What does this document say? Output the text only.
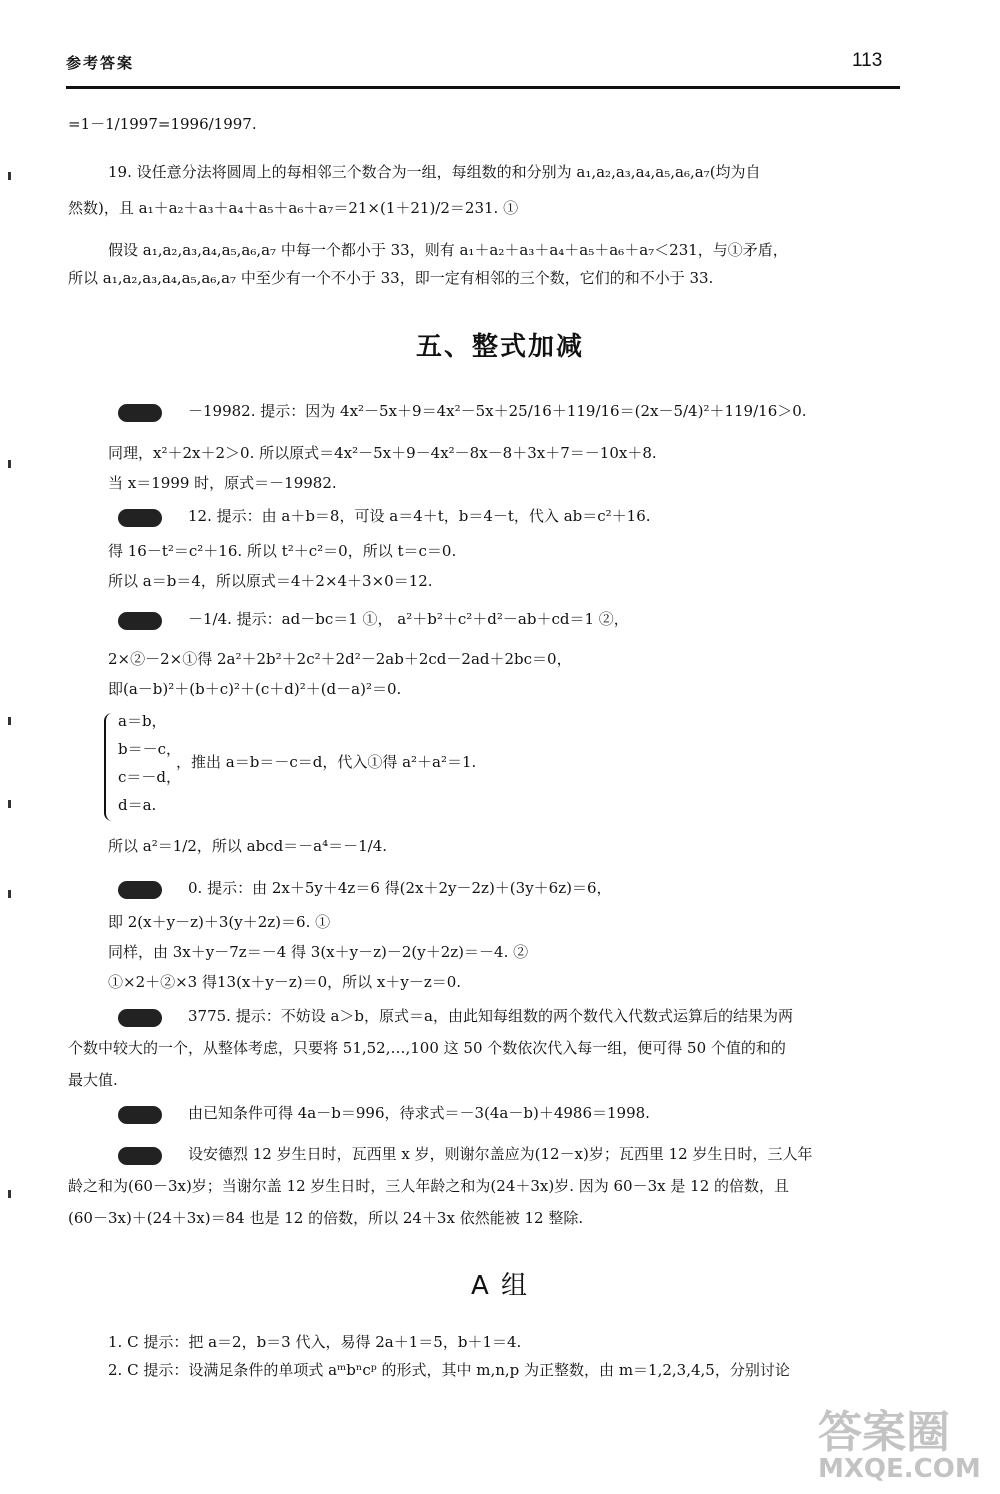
参考答案	113
=1－1/1997=1996/1997.
19. 设任意分法将圆周上的每相邻三个数合为一组，每组数的和分别为 a₁,a₂,a₃,a₄,a₅,a₆,a₇(均为自
然数)，且 a₁＋a₂＋a₃＋a₄＋a₅＋a₆＋a₇＝21×(1＋21)/2＝231. ①
假设 a₁,a₂,a₃,a₄,a₅,a₆,a₇ 中每一个都小于 33，则有 a₁＋a₂＋a₃＋a₄＋a₅＋a₆＋a₇＜231，与①矛盾，
所以 a₁,a₂,a₃,a₄,a₅,a₆,a₇ 中至少有一个不小于 33，即一定有相邻的三个数，它们的和不小于 33.
五、整式加减
－19982. 提示：因为 4x²－5x＋9＝4x²－5x＋25/16＋119/16＝(2x－5/4)²＋119/16＞0.
同理，x²＋2x＋2＞0. 所以原式＝4x²－5x＋9－4x²－8x－8＋3x＋7＝－10x＋8.
当 x＝1999 时，原式＝－19982.
12. 提示：由 a＋b＝8，可设 a＝4＋t，b＝4－t，代入 ab＝c²＋16.
得 16－t²＝c²＋16. 所以 t²＋c²＝0，所以 t＝c＝0.
所以 a＝b＝4，所以原式＝4＋2×4＋3×0＝12.
－1/4. 提示：ad－bc＝1 ①， a²＋b²＋c²＋d²－ab＋cd＝1 ②，
2×②－2×①得 2a²＋2b²＋2c²＋2d²－2ab＋2cd－2ad＋2bc＝0，
即(a－b)²＋(b＋c)²＋(c＋d)²＋(d－a)²＝0.
a＝b，
b＝－c，
，推出 a＝b＝－c＝d，代入①得 a²＋a²＝1.
c＝－d，
d＝a.
所以 a²＝1/2，所以 abcd＝－a⁴＝－1/4.
0. 提示：由 2x＋5y＋4z＝6 得(2x＋2y－2z)＋(3y＋6z)＝6，
即 2(x＋y－z)＋3(y＋2z)＝6. ①
同样，由 3x＋y－7z＝－4 得 3(x＋y－z)－2(y＋2z)＝－4. ②
①×2＋②×3 得13(x＋y－z)＝0，所以 x＋y－z＝0.
3775. 提示：不妨设 a＞b，原式＝a，由此知每组数的两个数代入代数式运算后的结果为两
个数中较大的一个，从整体考虑，只要将 51,52,…,100 这 50 个数依次代入每一组，便可得 50 个值的和的
最大值.
由已知条件可得 4a－b＝996，待求式＝－3(4a－b)＋4986＝1998.
设安德烈 12 岁生日时，瓦西里 x 岁，则谢尔盖应为(12－x)岁；瓦西里 12 岁生日时，三人年
龄之和为(60－3x)岁；当谢尔盖 12 岁生日时，三人年龄之和为(24＋3x)岁. 因为 60－3x 是 12 的倍数，且
(60－3x)＋(24＋3x)＝84 也是 12 的倍数，所以 24＋3x 依然能被 12 整除.
A 组
1. C 提示：把 a＝2，b＝3 代入，易得 2a＋1＝5，b＋1＝4.
2. C 提示：设满足条件的单项式 aᵐbⁿcᵖ 的形式，其中 m,n,p 为正整数，由 m＝1,2,3,4,5，分别讨论
答案圈
MXQE.COM
